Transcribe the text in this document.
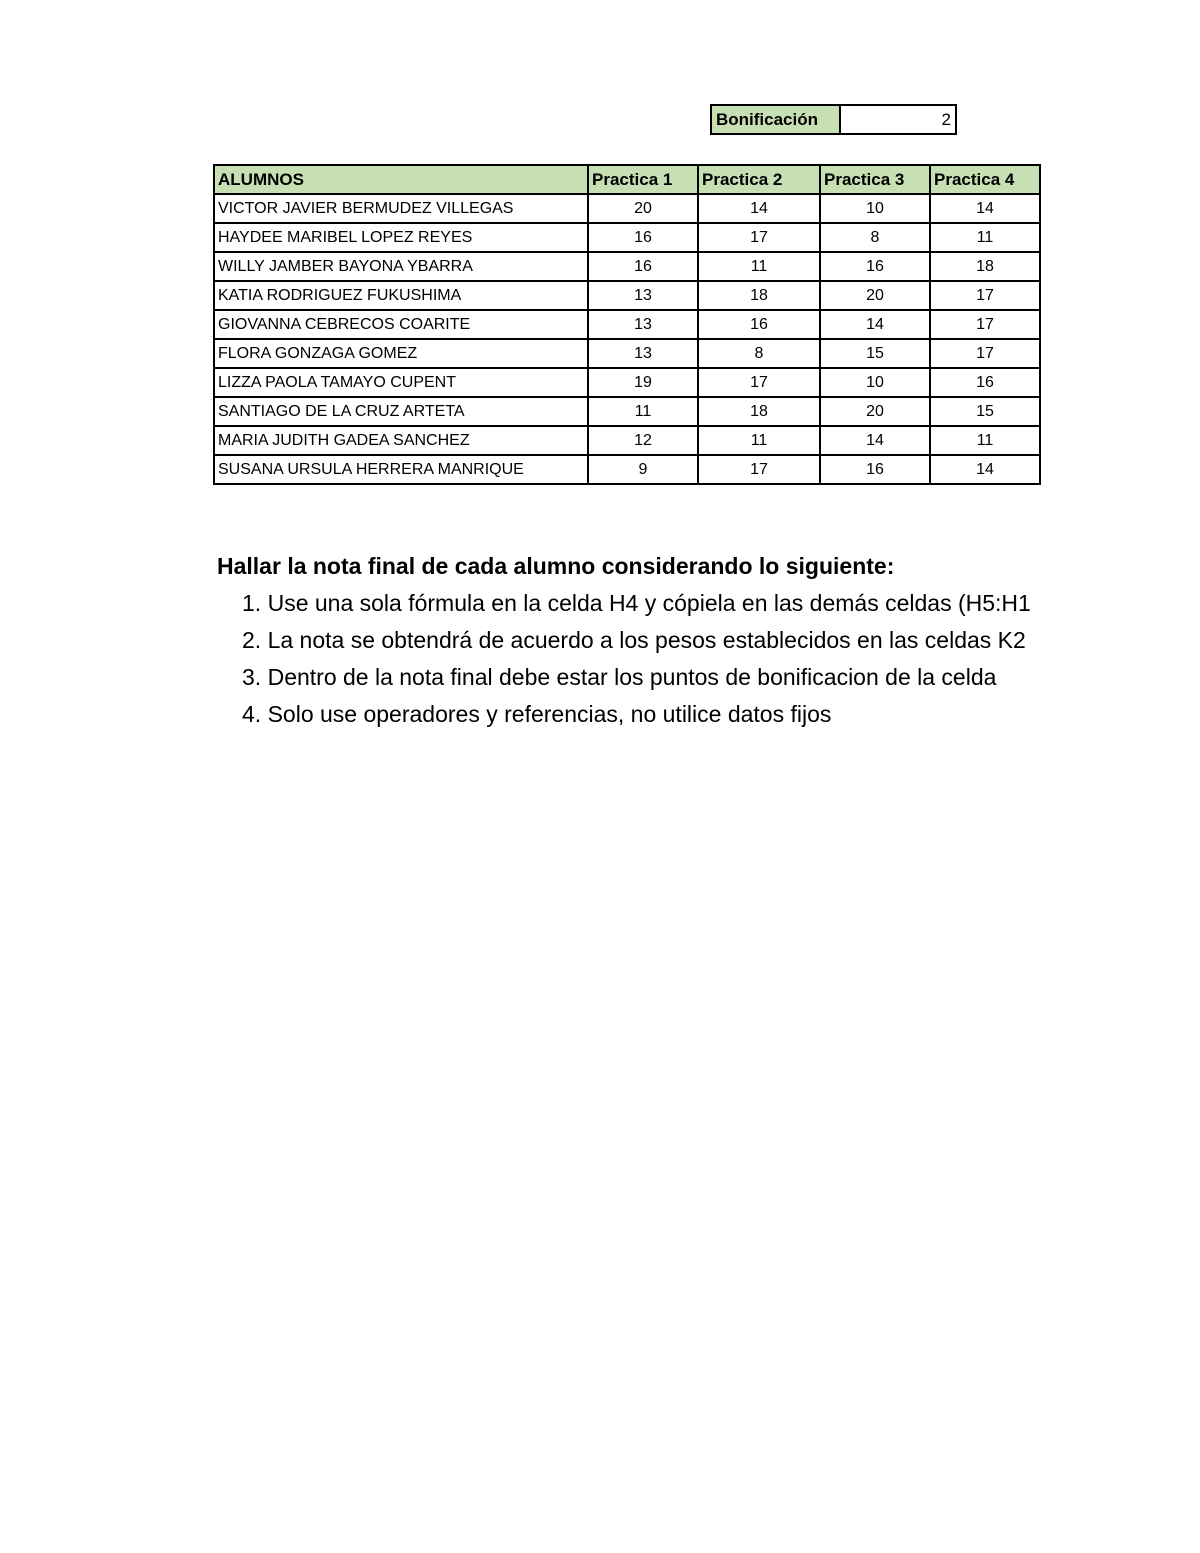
Bonificación	2
ALUMNOS	Practica 1	Practica 2	Practica 3	Practica 4
VICTOR JAVIER BERMUDEZ VILLEGAS	20	14	10	14
HAYDEE MARIBEL LOPEZ REYES	16	17	8	11
WILLY JAMBER BAYONA YBARRA	16	11	16	18
KATIA RODRIGUEZ FUKUSHIMA	13	18	20	17
GIOVANNA CEBRECOS COARITE	13	16	14	17
FLORA GONZAGA GOMEZ	13	8	15	17
LIZZA PAOLA TAMAYO CUPENT	19	17	10	16
SANTIAGO DE LA CRUZ ARTETA	11	18	20	15
MARIA JUDITH GADEA SANCHEZ	12	11	14	11
SUSANA URSULA HERRERA MANRIQUE	9	17	16	14
Hallar la nota final de cada alumno considerando lo siguiente:
1. Use una sola fórmula en la celda H4 y cópiela en las demás celdas (H5:H1
2. La nota se obtendrá de acuerdo a los pesos establecidos en las celdas K2
3. Dentro de la nota final debe estar los puntos de bonificacion de la celda
4. Solo use operadores y referencias, no utilice datos fijos
